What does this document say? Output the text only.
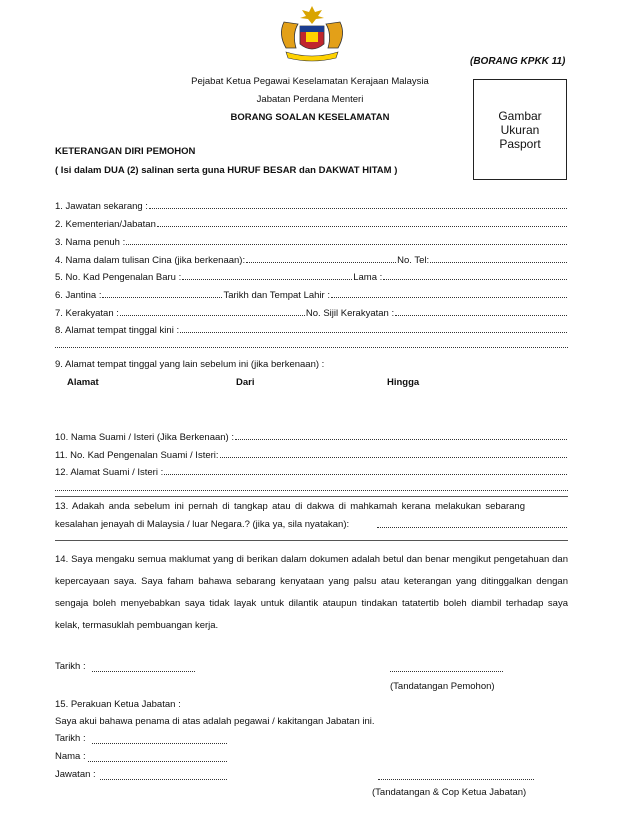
(BORANG KPKK 11)
Pejabat Ketua Pegawai Keselamatan Kerajaan Malaysia
Jabatan Perdana Menteri
BORANG SOALAN KESELAMATAN	Gambar
Ukuran
Pasport
KETERANGAN DIRI PEMOHON
( Isi dalam DUA (2) salinan serta guna HURUF BESAR dan DAKWAT HITAM )
1. Jawatan sekarang :
2. Kementerian/Jabatan
3. Nama penuh :
4. Nama dalam tulisan Cina (jika berkenaan):	No. Tel:
5. No. Kad Pengenalan Baru :	Lama :
6. Jantina :	Tarikh dan Tempat Lahir :
7. Kerakyatan :	No. Sijil Kerakyatan :
8. Alamat tempat tinggal kini :
9. Alamat tempat tinggal yang lain sebelum ini (jika berkenaan) :
Alamat	Dari	Hingga
10. Nama Suami / Isteri (Jika Berkenaan) :
11. No. Kad Pengenalan Suami / Isteri:
12. Alamat Suami / Isteri :
13. Adakah anda sebelum ini pernah di tangkap atau di dakwa di mahkamah kerana melakukan sebarang kesalahan jenayah di Malaysia / luar Negara.? (jika ya, sila nyatakan):
14. Saya mengaku semua maklumat yang di berikan dalam dokumen adalah betul dan benar mengikut pengetahuan dan kepercayaan saya. Saya faham bahawa sebarang kenyataan yang palsu atau keterangan yang ditinggalkan dengan sengaja boleh menyebabkan saya tidak layak untuk dilantik ataupun tindakan tatatertib boleh diambil terhadap saya kelak, termasuklah pembuangan kerja.
Tarikh :
(Tandatangan Pemohon)
15. Perakuan Ketua Jabatan :
Saya akui bahawa penama di atas adalah pegawai / kakitangan Jabatan ini.
Tarikh :
Nama :
Jawatan :
(Tandatangan & Cop Ketua Jabatan)
